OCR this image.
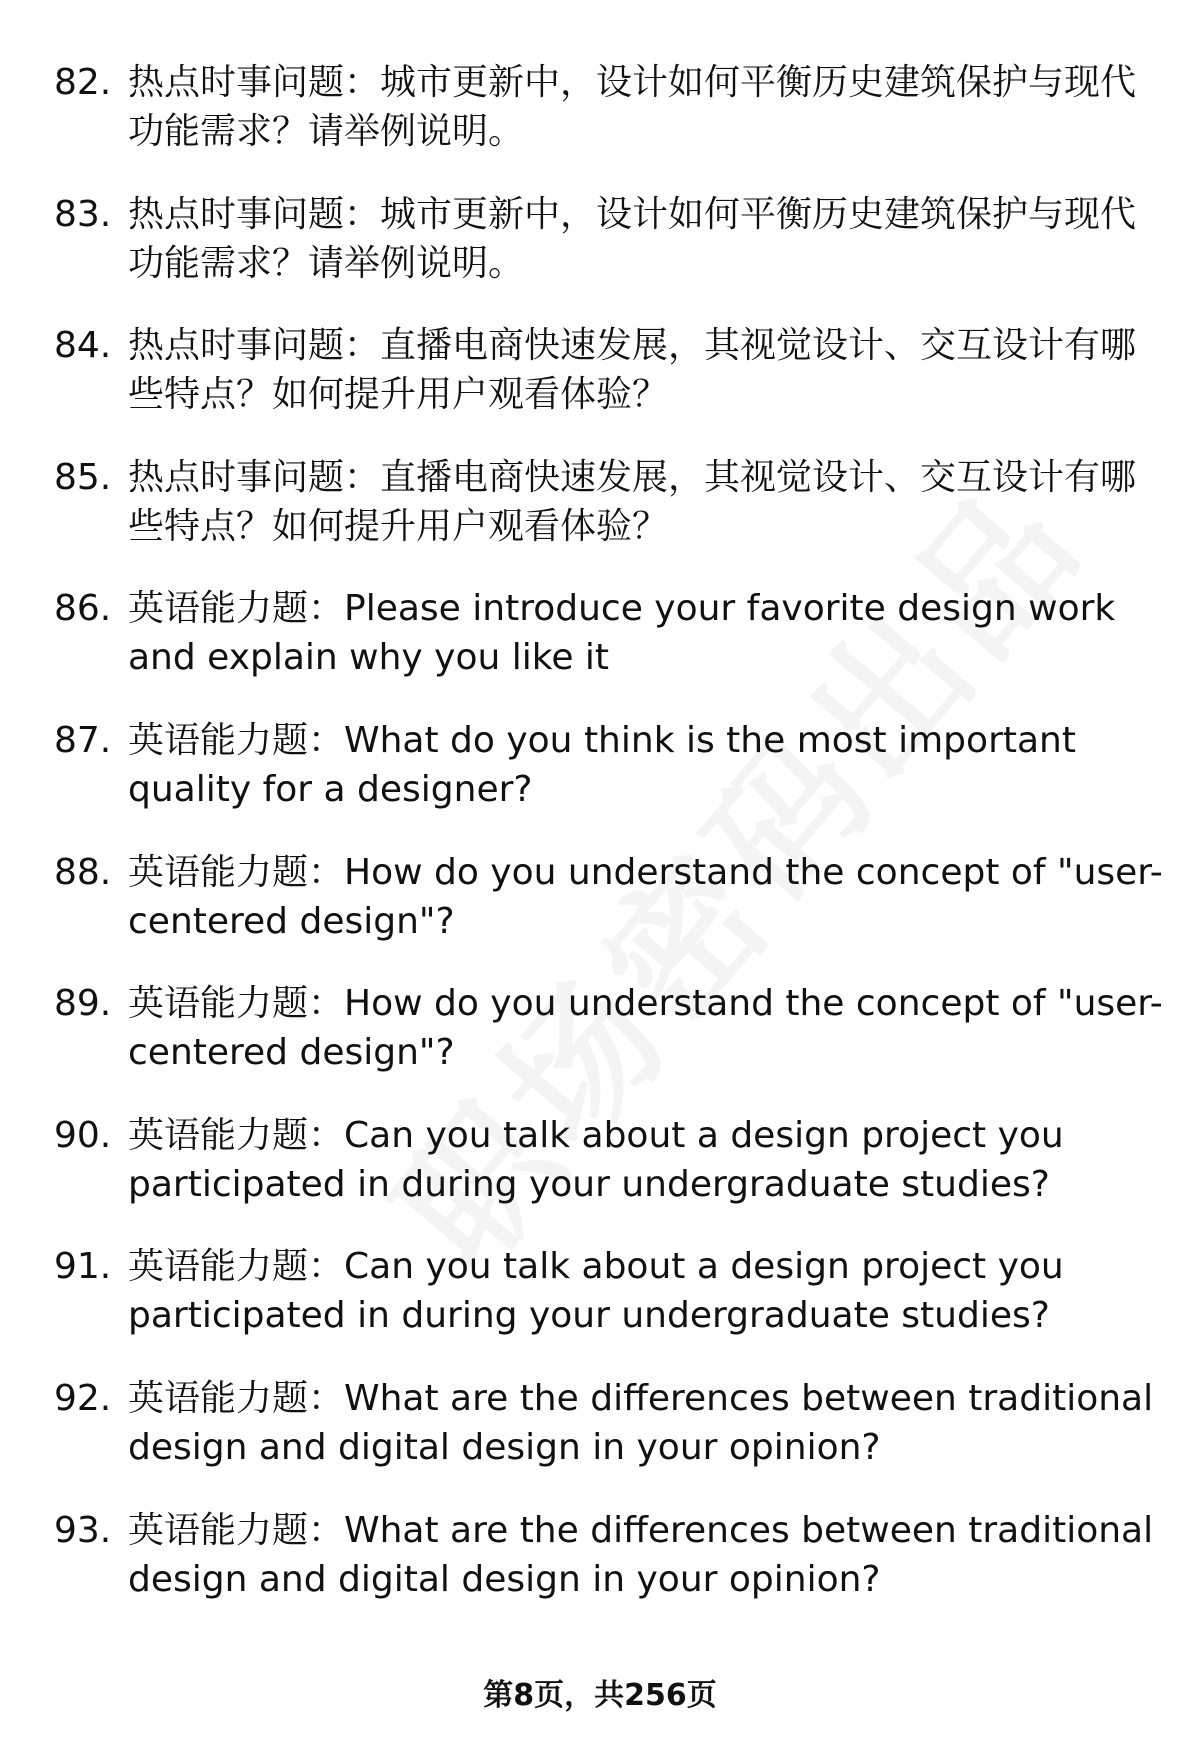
82. 热点时事问题：城市更新中，设计如何平衡历史建筑保护与现代功能需求？请举例说明。
83. 热点时事问题：城市更新中，设计如何平衡历史建筑保护与现代功能需求？请举例说明。
84. 热点时事问题：直播电商快速发展，其视觉设计、交互设计有哪些特点？如何提升用户观看体验？
85. 热点时事问题：直播电商快速发展，其视觉设计、交互设计有哪些特点？如何提升用户观看体验？
86. 英语能力题：Please introduce your favorite design work and explain why you like it
87. 英语能力题：What do you think is the most important quality for a designer?
88. 英语能力题：How do you understand the concept of "user-centered design"?
89. 英语能力题：How do you understand the concept of "user-centered design"?
90. 英语能力题：Can you talk about a design project you participated in during your undergraduate studies?
91. 英语能力题：Can you talk about a design project you participated in during your undergraduate studies?
92. 英语能力题：What are the differences between traditional design and digital design in your opinion?
93. 英语能力题：What are the differences between traditional design and digital design in your opinion?
第8页，共256页
